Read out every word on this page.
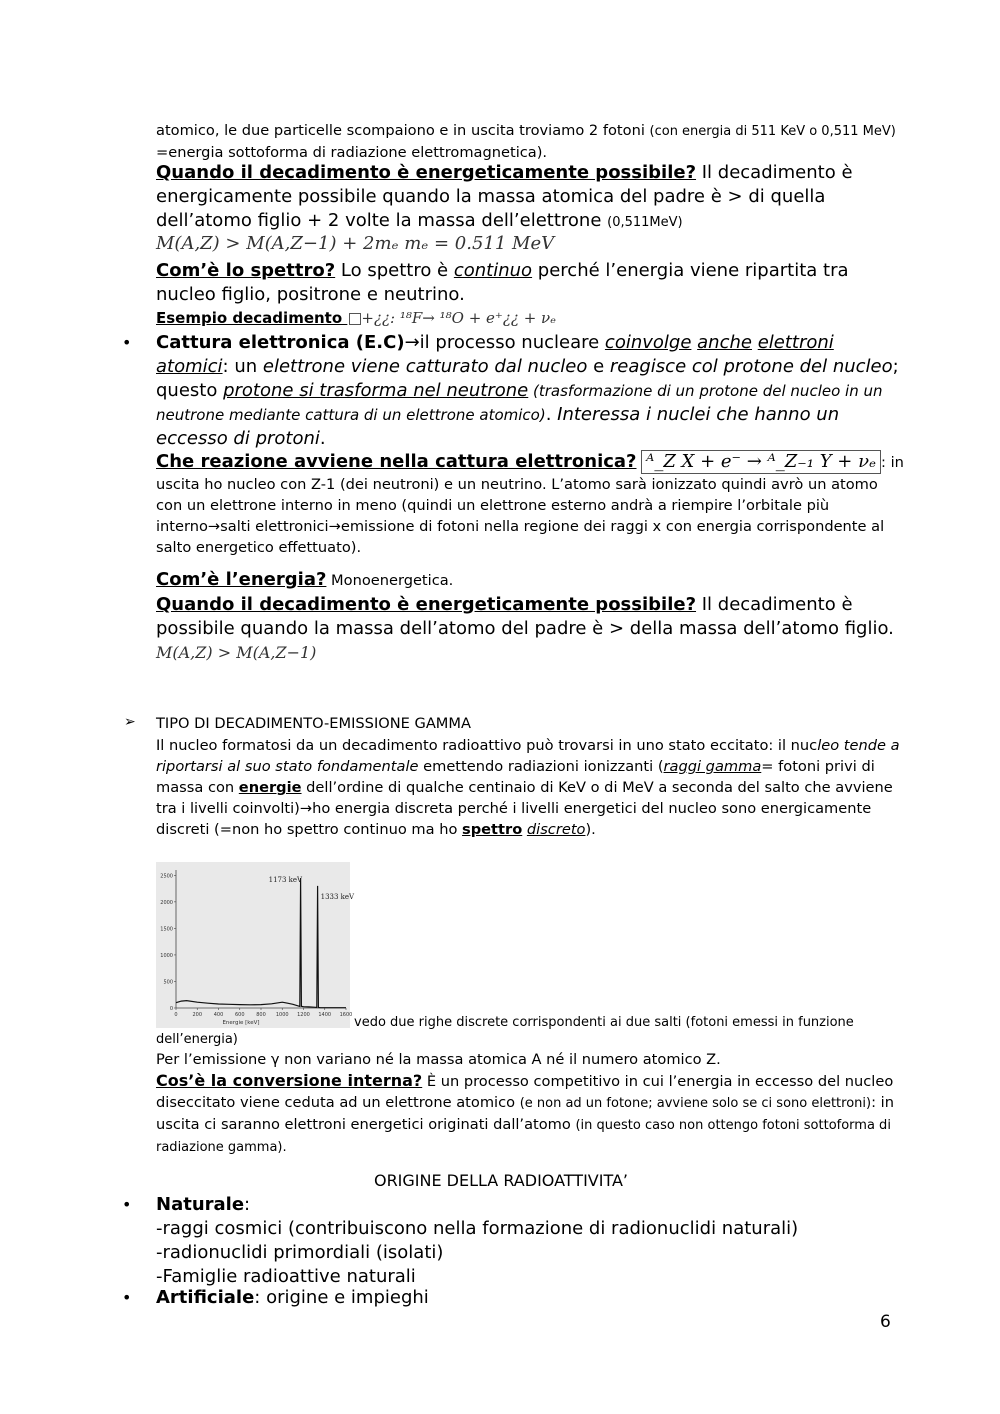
atomico, le due particelle scompaiono e in uscita troviamo 2 fotoni (con energia di 511 KeV o 0,511 MeV) =energia sottoforma di radiazione elettromagnetica).
Quando il decadimento è energeticamente possibile? Il decadimento è energicamente possibile quando la massa atomica del padre è > di quella dell’atomo figlio + 2 volte la massa dell’elettrone (0,511MeV)
M(A,Z) > M(A,Z−1) + 2mₑ mₑ = 0.511 MeV
Com’è lo spettro? Lo spettro è continuo perché l’energia viene ripartita tra nucleo figlio, positrone e neutrino.
Esempio decadimento +¿¿: ¹⁸F→ ¹⁸O + e⁺¿¿ + νₑ
• Cattura elettronica (E.C)→il processo nucleare coinvolge anche elettroni atomici: un elettrone viene catturato dal nucleo e reagisce col protone del nucleo; questo protone si trasforma nel neutrone (trasformazione di un protone del nucleo in un neutrone mediante cattura di un elettrone atomico). Interessa i nuclei che hanno un eccesso di protoni.
Che reazione avviene nella cattura elettronica? ᴬ_Z X + e⁻ → ᴬ_Z₋₁ Y + νₑ : in uscita ho nucleo con Z-1 (dei neutroni) e un neutrino. L’atomo sarà ionizzato quindi avrò un atomo con un elettrone interno in meno (quindi un elettrone esterno andrà a riempire l’orbitale più interno→salti elettronici→emissione di fotoni nella regione dei raggi x con energia corrispondente al salto energetico effettuato).
Com’è l’energia? Monoenergetica.
Quando il decadimento è energeticamente possibile? Il decadimento è possibile quando la massa dell’atomo del padre è > della massa dell’atomo figlio. M(A,Z) > M(A,Z−1)
➢ TIPO DI DECADIMENTO-EMISSIONE GAMMA
Il nucleo formatosi da un decadimento radioattivo può trovarsi in uno stato eccitato: il nucleo tende a riportarsi al suo stato fondamentale emettendo radiazioni ionizzanti (raggi gamma= fotoni privi di massa con energie dell’ordine di qualche centinaio di KeV o di MeV a seconda del salto che avviene tra i livelli coinvolti)→ho energia discreta perché i livelli energetici del nucleo sono energicamente discreti (=non ho spettro continuo ma ho spettro discreto).
0
500
1000
1500
2000
2500
0	200 400 600 800 1000 1200 1400 1600
Energie [keV]
1173 keV
1333 keV
vedo due righe discrete corrispondenti ai due salti (fotoni emessi in funzione dell’energia)
Per l’emissione γ non variano né la massa atomica A né il numero atomico Z.
Cos’è la conversione interna? È un processo competitivo in cui l’energia in eccesso del nucleo diseccitato viene ceduta ad un elettrone atomico (e non ad un fotone; avviene solo se ci sono elettroni): in uscita ci saranno elettroni energetici originati dall’atomo (in questo caso non ottengo fotoni sottoforma di radiazione gamma).
ORIGINE DELLA RADIOATTIVITA’
• Naturale:
-raggi cosmici (contribuiscono nella formazione di radionuclidi naturali)
-radionuclidi primordiali (isolati)
-Famiglie radioattive naturali
• Artificiale: origine e impieghi
6
